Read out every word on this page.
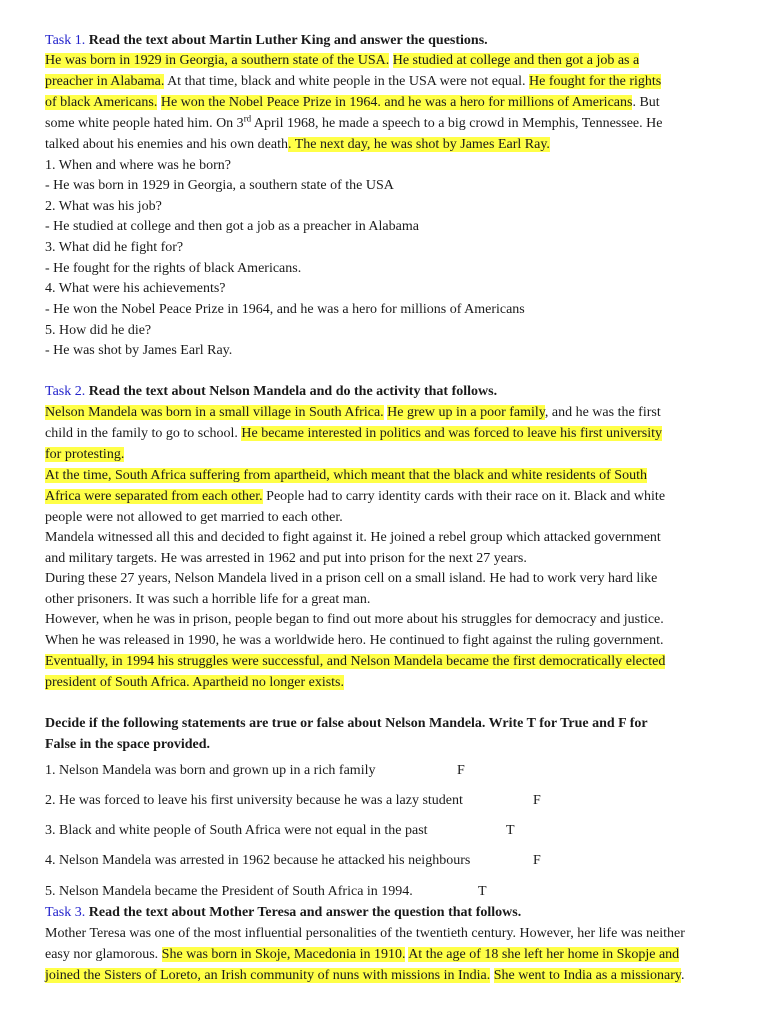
Task 1. Read the text about Martin Luther King and answer the questions.
He was born in 1929 in Georgia, a southern state of the USA. He studied at college and then got a job as a
preacher in Alabama. At that time, black and white people in the USA were not equal. He fought for the rights
of black Americans. He won the Nobel Peace Prize in 1964. and he was a hero for millions of Americans. But
some white people hated him. On 3rd April 1968, he made a speech to a big crowd in Memphis, Tennessee. He
talked about his enemies and his own death. The next day, he was shot by James Earl Ray.
1. When and where was he born?
- He was born in 1929 in Georgia, a southern state of the USA
2. What was his job?
- He studied at college and then got a job as a preacher in Alabama
3. What did he fight for?
- He fought for the rights of black Americans.
4. What were his achievements?
- He won the Nobel Peace Prize in 1964, and he was a hero for millions of Americans
5. How did he die?
- He was shot by James Earl Ray.
Task 2. Read the text about Nelson Mandela and do the activity that follows.
Nelson Mandela was born in a small village in South Africa. He grew up in a poor family, and he was the first
child in the family to go to school. He became interested in politics and was forced to leave his first university
for protesting.
At the time, South Africa suffering from apartheid, which meant that the black and white residents of South
Africa were separated from each other. People had to carry identity cards with their race on it. Black and white
people were not allowed to get married to each other.
Mandela witnessed all this and decided to fight against it. He joined a rebel group which attacked government
and military targets. He was arrested in 1962 and put into prison for the next 27 years.
During these 27 years, Nelson Mandela lived in a prison cell on a small island. He had to work very hard like
other prisoners. It was such a horrible life for a great man.
However, when he was in prison, people began to find out more about his struggles for democracy and justice.
When he was released in 1990, he was a worldwide hero. He continued to fight against the ruling government.
Eventually, in 1994 his struggles were successful, and Nelson Mandela became the first democratically elected
president of South Africa. Apartheid no longer exists.
Decide if the following statements are true or false about Nelson Mandela. Write T for True and F for
False in the space provided.
1. Nelson Mandela was born and grown up in a rich family	F
2. He was forced to leave his first university because he was a lazy student	F
3. Black and white people of South Africa were not equal in the past	T
4. Nelson Mandela was arrested in 1962 because he attacked his neighbours	F
5. Nelson Mandela became the President of South Africa in 1994.	T
Task 3. Read the text about Mother Teresa and answer the question that follows.
Mother Teresa was one of the most influential personalities of the twentieth century. However, her life was neither
easy nor glamorous. She was born in Skoje, Macedonia in 1910. At the age of 18 she left her home in Skopje and
joined the Sisters of Loreto, an Irish community of nuns with missions in India. She went to India as a missionary.
